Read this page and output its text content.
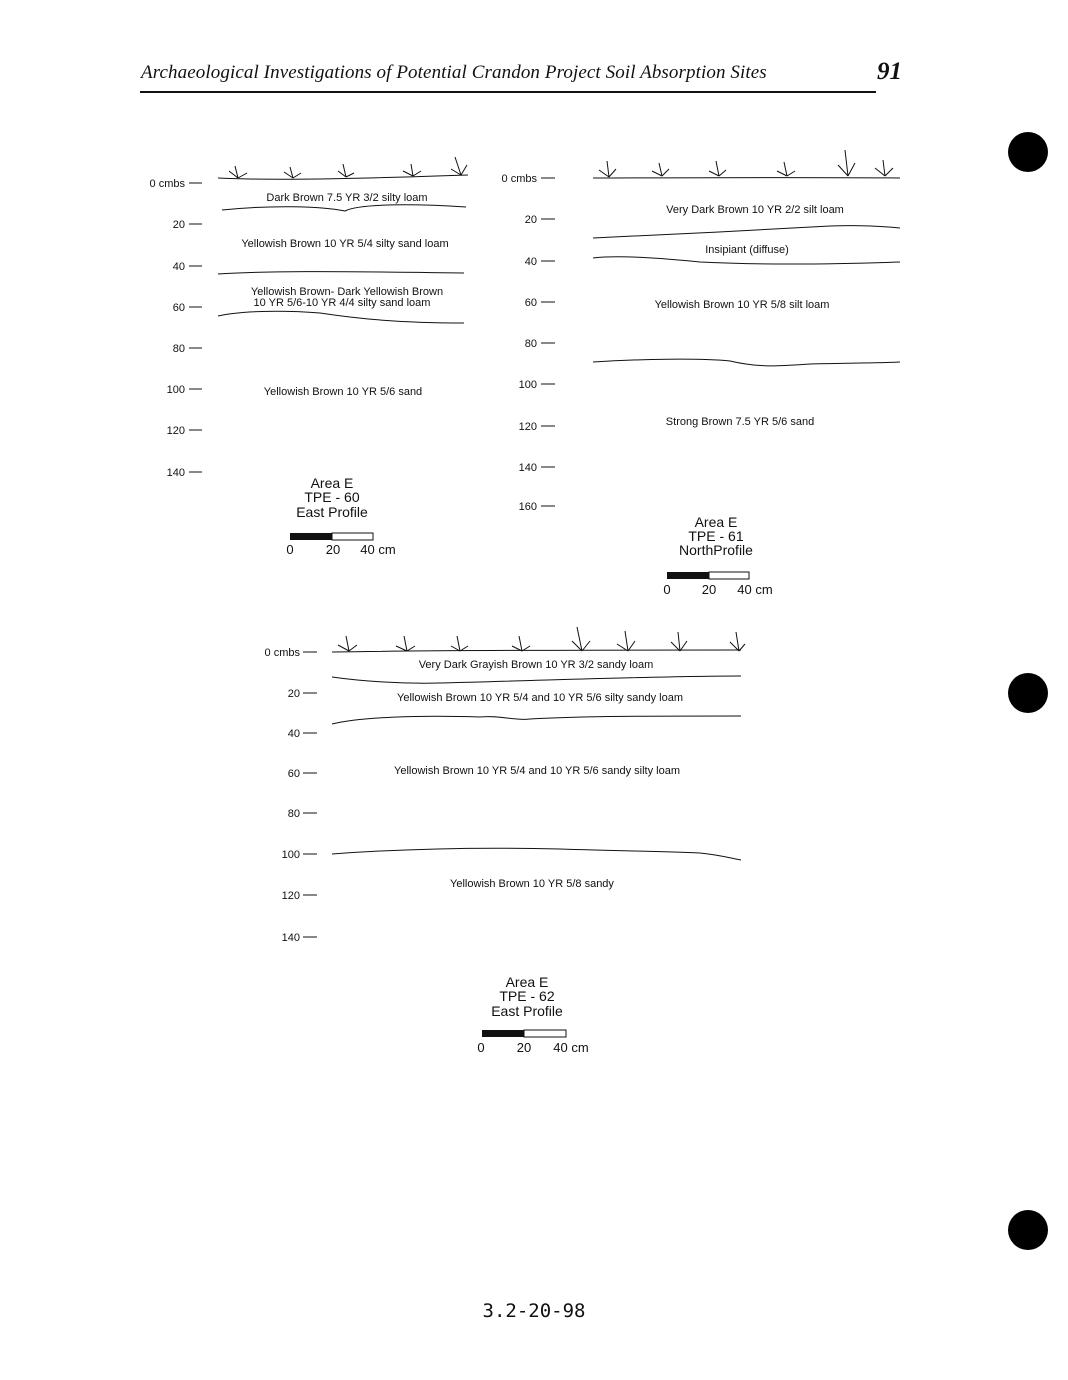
Archaeological Investigations of Potential Crandon Project Soil Absorption Sites	91
0 cmbs
20
40
60
80
100
120
140
Dark Brown 7.5 YR 3/2 silty loam
Yellowish Brown 10 YR 5/4 silty sand loam
Yellowish Brown- Dark Yellowish Brown
10 YR 5/6-10 YR 4/4 silty sand loam
Yellowish Brown 10 YR 5/6 sand
Area E
TPE - 60
East Profile
0 20 40 cm
0 cmbs
20
40
60
80
100
120
140
160
Very Dark Brown 10 YR 2/2 silt loam
Insipiant (diffuse)
Yellowish Brown 10 YR 5/8 silt loam
Strong Brown 7.5 YR 5/6 sand
Area E
TPE - 61
NorthProfile
0 20 40 cm
0 cmbs
20
40
60
80
100
120
140
Very Dark Grayish Brown 10 YR 3/2 sandy loam
Yellowish Brown 10 YR 5/4 and 10 YR 5/6 silty sandy loam
Yellowish Brown 10 YR 5/4 and 10 YR 5/6 sandy silty loam
Yellowish Brown 10 YR 5/8 sandy
Area E
TPE - 62
East Profile
0 20 40 cm
3.2-20-98
